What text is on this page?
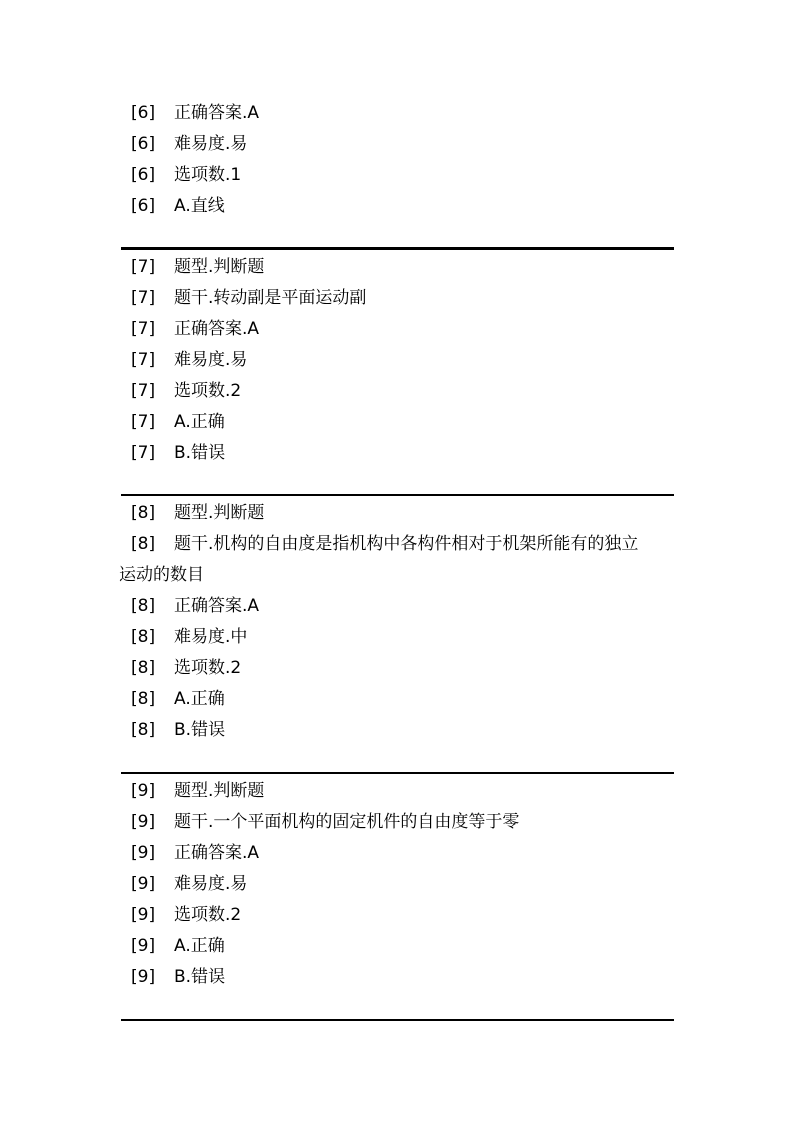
[6] 正确答案.A
[6] 难易度.易
[6] 选项数.1
[6] A.直线
[7] 题型.判断题
[7] 题干.转动副是平面运动副
[7] 正确答案.A
[7] 难易度.易
[7] 选项数.2
[7] A.正确
[7] B.错误
[8] 题型.判断题
[8] 题干.机构的自由度是指机构中各构件相对于机架所能有的独立
运动的数目
[8] 正确答案.A
[8] 难易度.中
[8] 选项数.2
[8] A.正确
[8] B.错误
[9] 题型.判断题
[9] 题干.一个平面机构的固定机件的自由度等于零
[9] 正确答案.A
[9] 难易度.易
[9] 选项数.2
[9] A.正确
[9] B.错误
